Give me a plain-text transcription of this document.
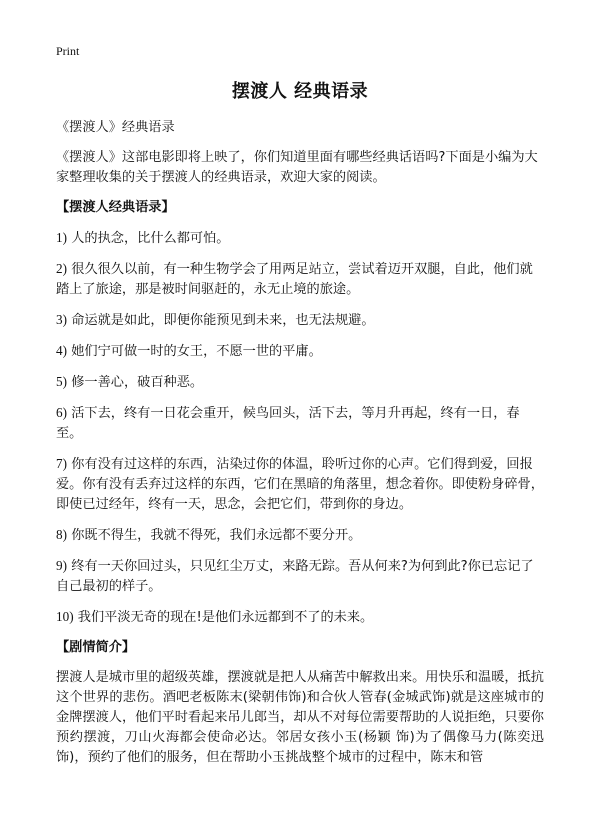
Print
摆渡人 经典语录

《摆渡人》经典语录

《摆渡人》这部电影即将上映了，你们知道里面有哪些经典话语吗?下面是小编为大家整理收集的关于摆渡人的经典语录，欢迎大家的阅读。

【摆渡人经典语录】

1) 人的执念，比什么都可怕。
2) 很久很久以前，有一种生物学会了用两足站立，尝试着迈开双腿，自此，他们就踏上了旅途，那是被时间驱赶的，永无止境的旅途。
3) 命运就是如此，即便你能预见到未来，也无法规避。
4) 她们宁可做一时的女王，不愿一世的平庸。
5) 修一善心，破百种恶。
6) 活下去，终有一日花会重开，候鸟回头，活下去，等月升再起，终有一日，春至。
7) 你有没有过这样的东西，沾染过你的体温，聆听过你的心声。它们得到爱，回报爱。你有没有丢弃过这样的东西，它们在黑暗的角落里，想念着你。即使粉身碎骨，即使已过经年，终有一天，思念，会把它们，带到你的身边。
8) 你既不得生，我就不得死，我们永远都不要分开。
9) 终有一天你回过头，只见红尘万丈，来路无踪。吾从何来?为何到此?你已忘记了自己最初的样子。
10) 我们平淡无奇的现在!是他们永远都到不了的未来。

【剧情简介】

摆渡人是城市里的超级英雄，摆渡就是把人从痛苦中解救出来。用快乐和温暖，抵抗这个世界的悲伤。酒吧老板陈末(梁朝伟饰)和合伙人管春(金城武饰)就是这座城市的金牌摆渡人，他们平时看起来吊儿郎当，却从不对每位需要帮助的人说拒绝，只要你预约摆渡，刀山火海都会使命必达。邻居女孩小玉(杨颖 饰)为了偶像马力(陈奕迅饰)，预约了他们的服务，但在帮助小玉挑战整个城市的过程中，陈末和管
